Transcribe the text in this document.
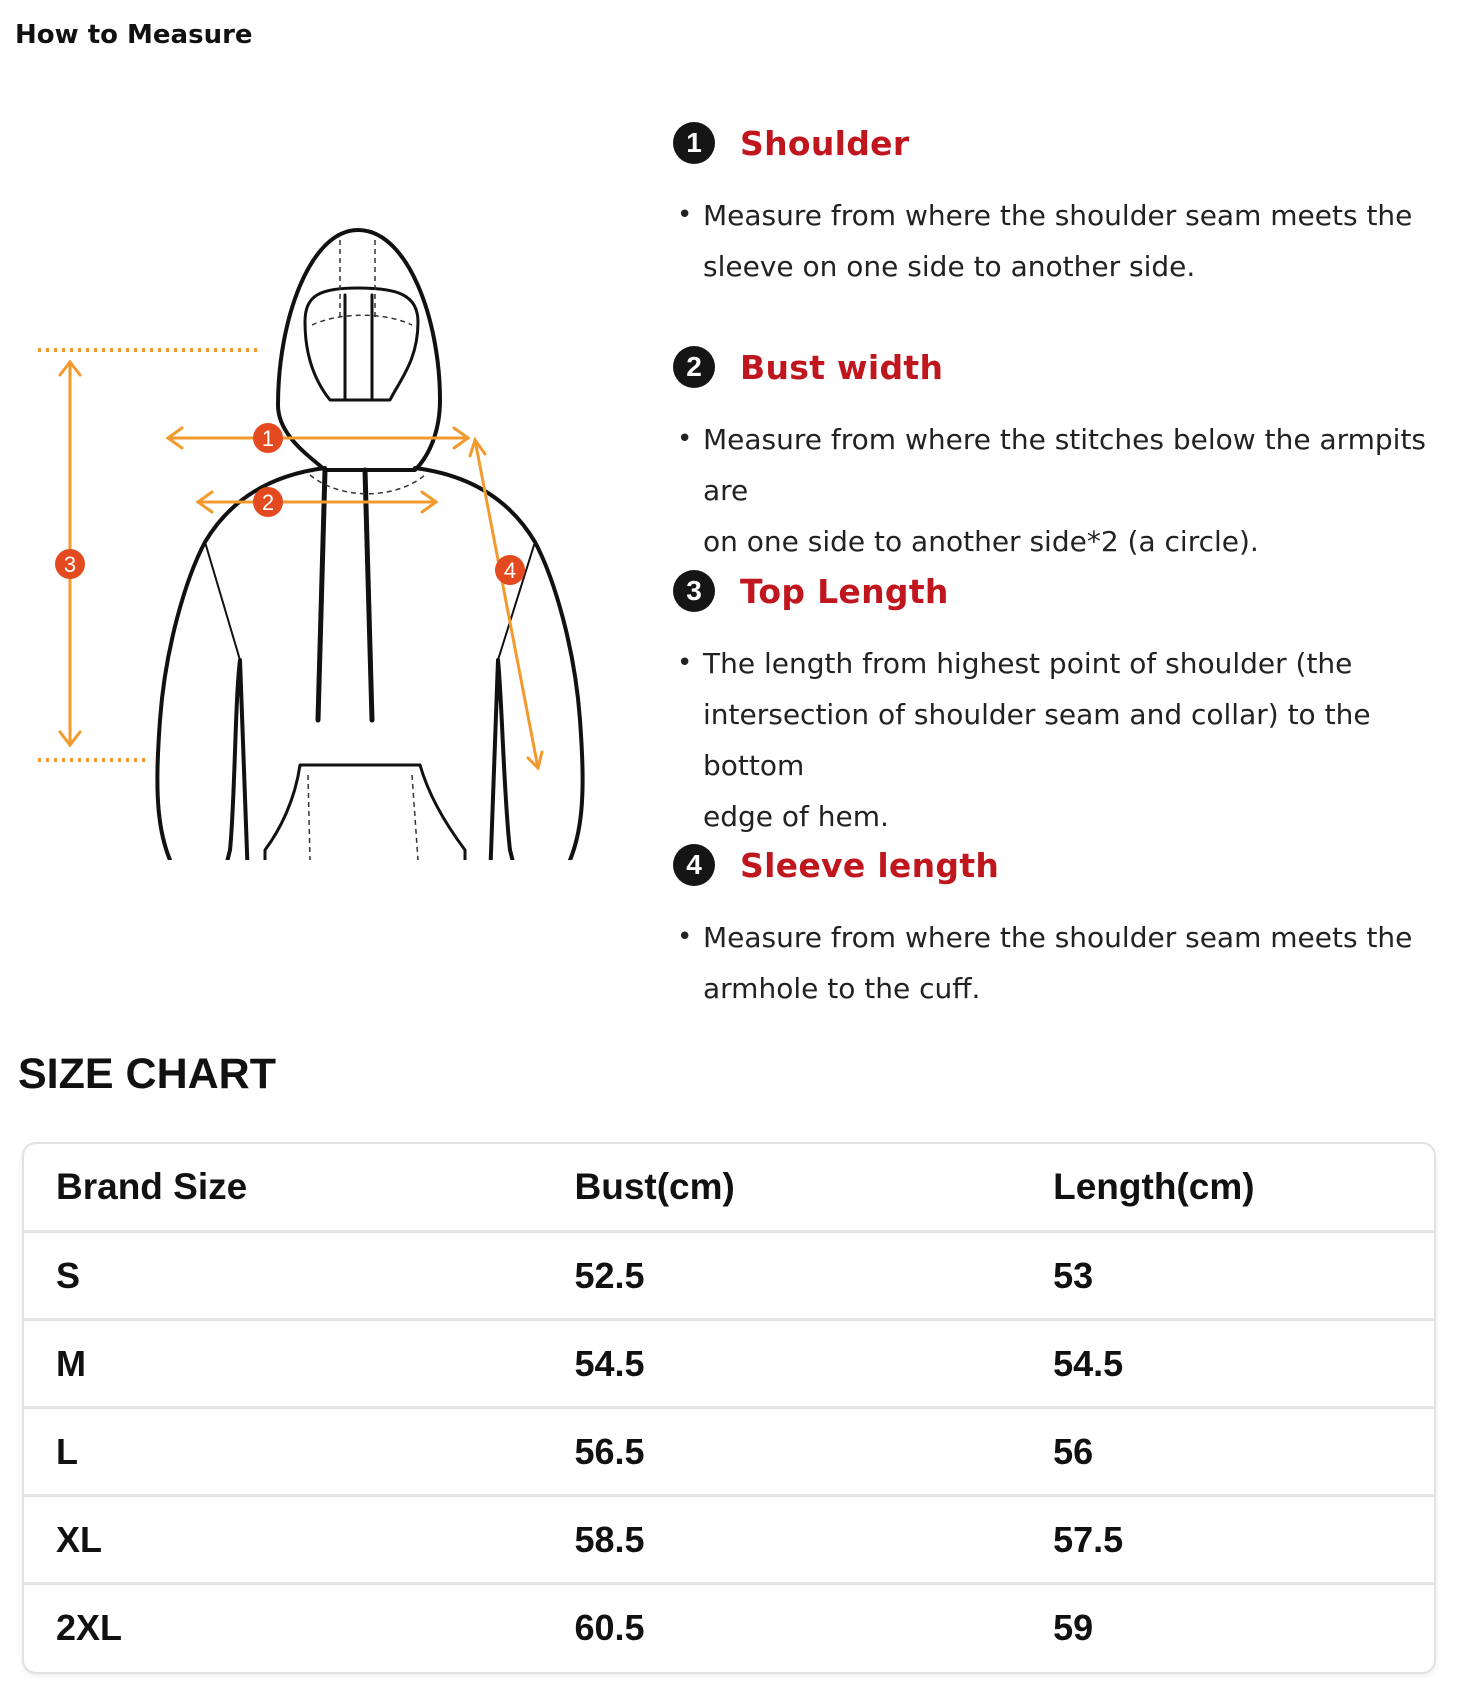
How to Measure
1
2
3	4
1	Shoulder
• Measure from where the shoulder seam meets the
sleeve on one side to another side.
2	Bust width
• Measure from where the stitches below the armpits are
on one side to another side*2 (a circle).
3	Top Length
• The length from highest point of shoulder (the
intersection of shoulder seam and collar) to the bottom
edge of hem.
4	Sleeve length
• Measure from where the shoulder seam meets the
armhole to the cuff.
SIZE CHART
Brand Size	Bust(cm)	Length(cm)
S	52.5	53
M	54.5	54.5
L	56.5	56
XL	58.5	57.5
2XL	60.5	59
